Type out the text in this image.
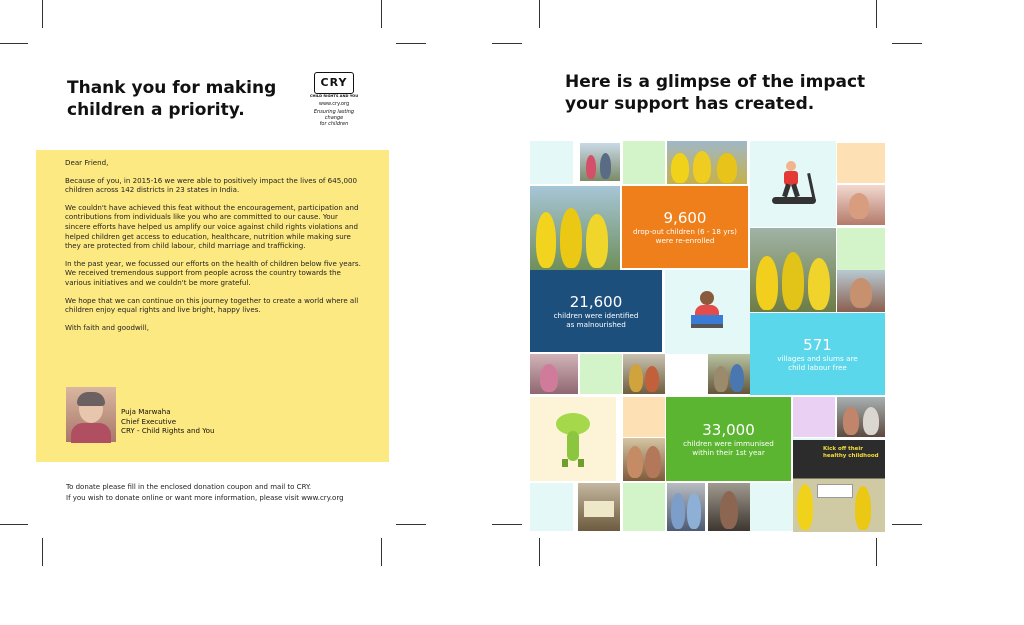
Thank you for making
children a priority.
CRY
CHILD RIGHTS AND YOU
www.cry.org
Ensuring lasting change
for children

Dear Friend,

Because of you, in 2015-16 we were able to positively impact the lives of 645,000 children across 142 districts in 23 states in India.

We couldn't have achieved this feat without the encouragement, participation and contributions from individuals like you who are committed to our cause. Your sincere efforts have helped us amplify our voice against child rights violations and helped children get access to education, healthcare, nutrition while making sure they are protected from child labour, child marriage and trafficking.

In the past year, we focussed our efforts on the health of children below five years. We received tremendous support from people across the country towards the various initiatives and we couldn't be more grateful.

We hope that we can continue on this journey together to create a world where all children enjoy equal rights and live bright, happy lives.

With faith and goodwill,

Puja Marwaha
Chief Executive
CRY - Child Rights and You
To donate please fill in the enclosed donation coupon and mail to CRY.
If you wish to donate online or want more information, please visit www.cry.org
Here is a glimpse of the impact
your support has created.
Kick off their healthy childhood
9,600
drop-out children (6 - 18 yrs)
were re-enrolled
21,600
children were identified
as malnourished
571
villages and slums are
child labour free
33,000
children were immunised
within their 1st year
